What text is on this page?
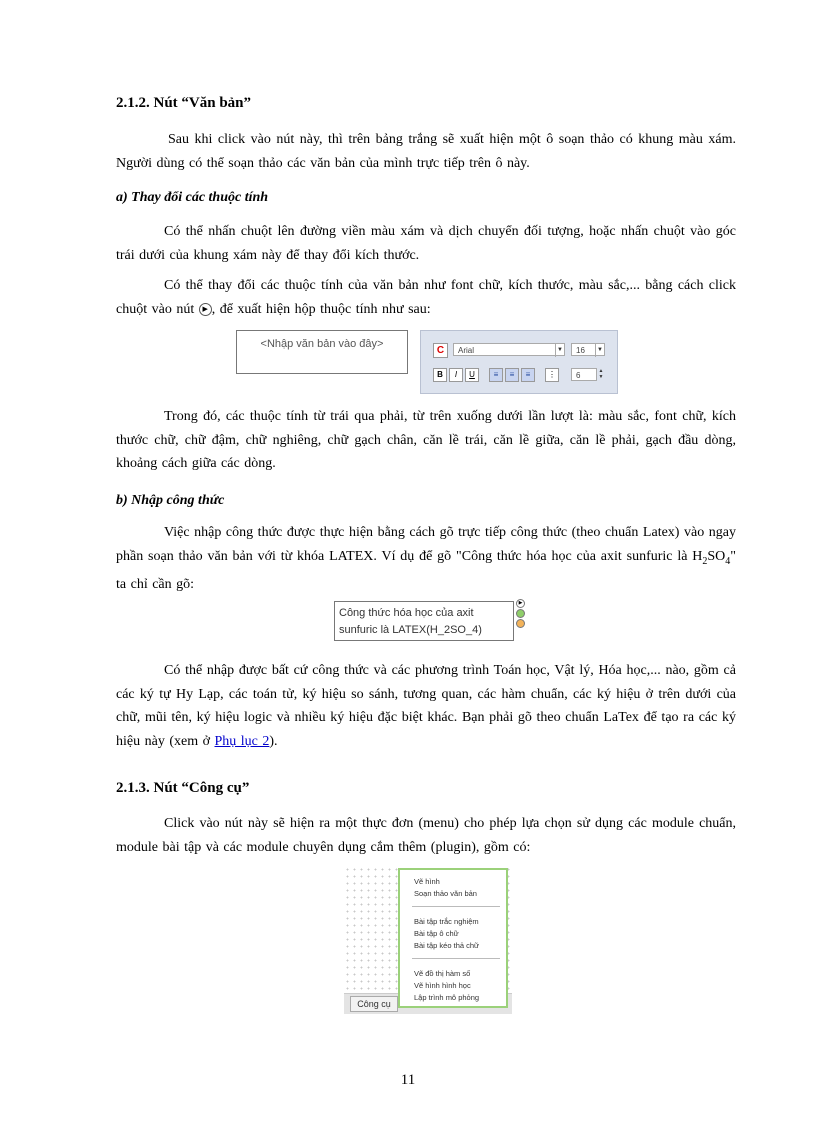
2.1.2. Nút “Văn bản”
Sau khi click vào nút này, thì trên bảng trắng sẽ xuất hiện một ô soạn thảo có khung màu xám. Người dùng có thể soạn thảo các văn bản của mình trực tiếp trên ô này.
a) Thay đổi các thuộc tính
Có thể nhấn chuột lên đường viền màu xám và dịch chuyển đối tượng, hoặc nhấn chuột vào góc trái dưới của khung xám này để thay đổi kích thước.
Có thể thay đổi các thuộc tính của văn bản như font chữ, kích thước, màu sắc,... bằng cách click chuột vào nút ▶ , để xuất hiện hộp thuộc tính như sau:
<Nhập văn bản vào đây>
C	Arial	▼	16	▼
B	I	U	≡	≡	≡	⋮	6	▲
▼
Trong đó, các thuộc tính từ trái qua phải, từ trên xuống dưới lần lượt là: màu sắc, font chữ, kích thước chữ, chữ đậm, chữ nghiêng, chữ gạch chân, căn lề trái, căn lề giữa, căn lề phải, gạch đầu dòng, khoảng cách giữa các dòng.
b) Nhập công thức
Việc nhập công thức được thực hiện bằng cách gõ trực tiếp công thức (theo chuẩn Latex) vào ngay phần soạn thảo văn bản với từ khóa LATEX. Ví dụ để gõ "Công thức hóa học của axit sunfuric là $H_2SO_4$" ta chỉ cần gõ:
Công thức hóa học của axit
sunfuric là LATEX(H_2SO_4)
▶
Có thể nhập được bất cứ công thức và các phương trình Toán học, Vật lý, Hóa học,... nào, gồm cả các ký tự Hy Lạp, các toán tử, ký hiệu so sánh, tương quan, các hàm chuẩn, các ký hiệu ở trên dưới của chữ, mũi tên, ký hiệu logic và nhiều ký hiệu đặc biệt khác. Bạn phải gõ theo chuẩn LaTex để tạo ra các ký hiệu này (xem ở Phụ lục 2).
2.1.3. Nút “Công cụ”
Click vào nút này sẽ hiện ra một thực đơn (menu) cho phép lựa chọn sử dụng các module chuẩn, module bài tập và các module chuyên dụng cắm thêm (plugin), gồm có:
Công cụ
Vẽ hình
Soạn thảo văn bản
Bài tập trắc nghiệm
Bài tập ô chữ
Bài tập kéo thả chữ
Vẽ đồ thị hàm số
Vẽ hình hình học
Lập trình mô phỏng
11
